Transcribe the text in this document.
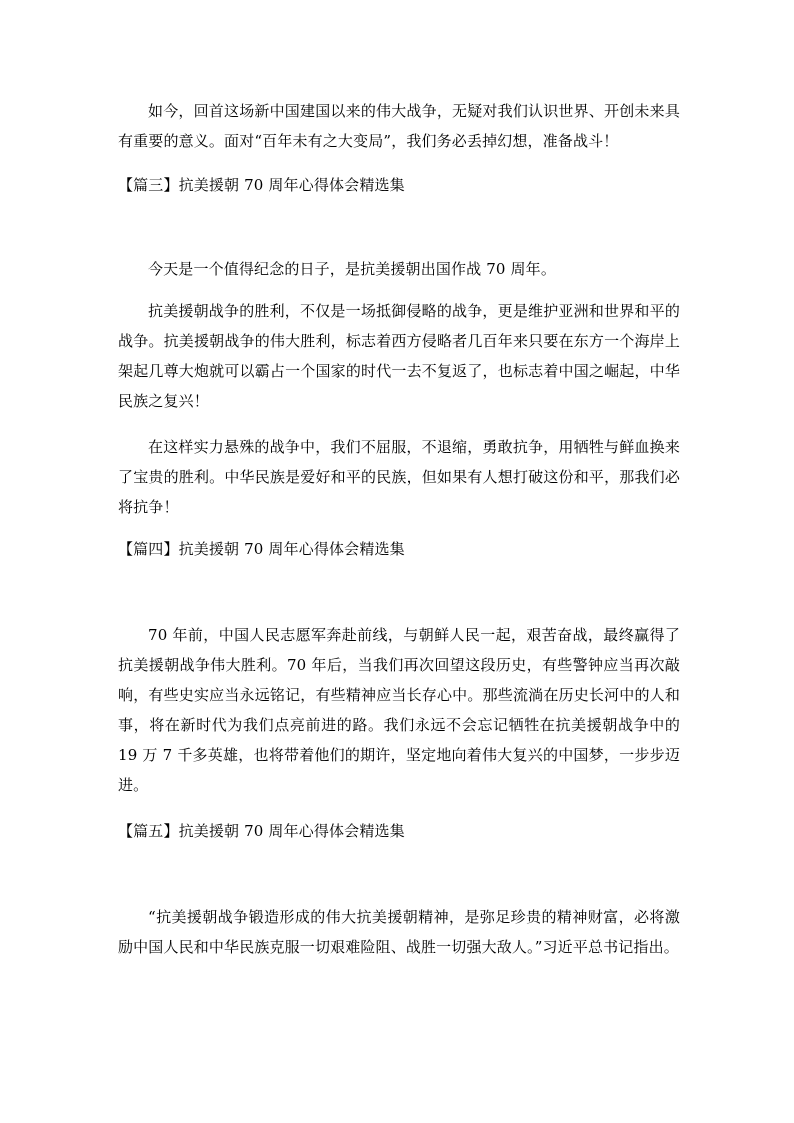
如今，回首这场新中国建国以来的伟大战争，无疑对我们认识世界、开创未来具有重要的意义。面对“百年未有之大变局”，我们务必丢掉幻想，准备战斗！

【篇三】抗美援朝 70 周年心得体会精选集

今天是一个值得纪念的日子，是抗美援朝出国作战 70 周年。

抗美援朝战争的胜利，不仅是一场抵御侵略的战争，更是维护亚洲和世界和平的战争。抗美援朝战争的伟大胜利，标志着西方侵略者几百年来只要在东方一个海岸上架起几尊大炮就可以霸占一个国家的时代一去不复返了，也标志着中国之崛起，中华民族之复兴！

在这样实力悬殊的战争中，我们不屈服，不退缩，勇敢抗争，用牺牲与鲜血换来了宝贵的胜利。中华民族是爱好和平的民族，但如果有人想打破这份和平，那我们必将抗争！

【篇四】抗美援朝 70 周年心得体会精选集

70 年前，中国人民志愿军奔赴前线，与朝鲜人民一起，艰苦奋战，最终赢得了抗美援朝战争伟大胜利。70 年后，当我们再次回望这段历史，有些警钟应当再次敲响，有些史实应当永远铭记，有些精神应当长存心中。那些流淌在历史长河中的人和事，将在新时代为我们点亮前进的路。我们永远不会忘记牺牲在抗美援朝战争中的 19 万 7 千多英雄，也将带着他们的期许，坚定地向着伟大复兴的中国梦，一步步迈进。

【篇五】抗美援朝 70 周年心得体会精选集

“抗美援朝战争锻造形成的伟大抗美援朝精神，是弥足珍贵的精神财富，必将激励中国人民和中华民族克服一切艰难险阻、战胜一切强大敌人。”习近平总书记指出。
